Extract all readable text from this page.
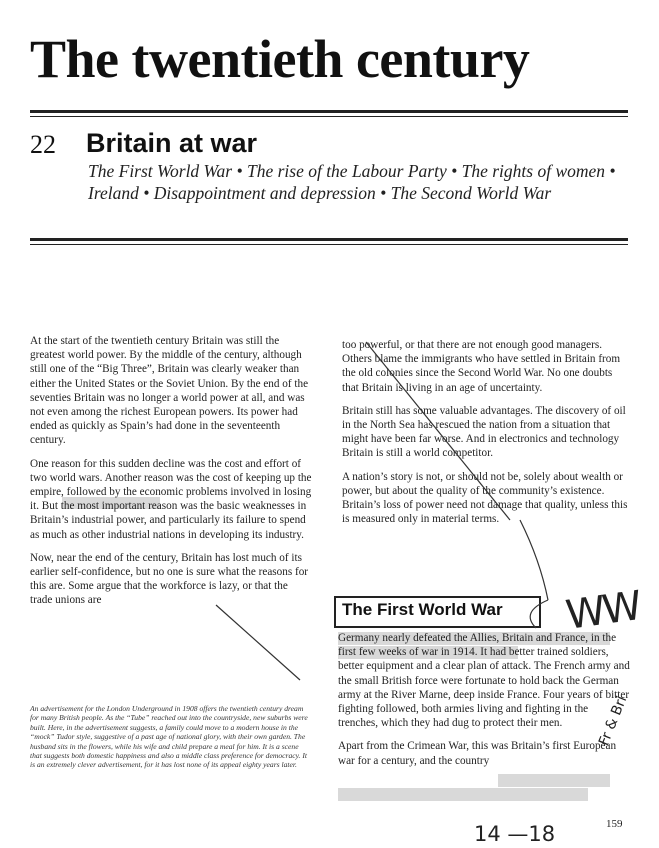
The twentieth century
22 Britain at war
The First World War • The rise of the Labour Party • The rights of women • Ireland • Disappointment and depression • The Second World War

At the start of the twentieth century Britain was still the greatest world power. By the middle of the century, although still one of the “Big Three”, Britain was clearly weaker than either the United States or the Soviet Union. By the end of the seventies Britain was no longer a world power at all, and was not even among the richest European powers. Its power had ended as quickly as Spain’s had done in the seventeenth century.

One reason for this sudden decline was the cost and effort of two world wars. Another reason was the cost of keeping up the empire, followed by the economic problems involved in losing it. But the most important reason was the basic weaknesses in Britain’s industrial power, and particularly its failure to spend as much as other industrial nations in developing its industry.

Now, near the end of the century, Britain has lost much of its earlier self-confidence, but no one is sure what the reasons for this are. Some argue that the workforce is lazy, or that the trade unions are

An advertisement for the London Underground in 1908 offers the twentieth century dream for many British people. As the “Tube” reached out into the countryside, new suburbs were built. Here, in the advertisement suggests, a family could move to a modern house in the “mock” Tudor style, suggestive of a past age of national glory, with their own garden. The husband sits in the flowers, while his wife and child prepare a meal for him. It is a scene that suggests both domestic happiness and also a middle class preference for democracy. It is an extremely clever advertisement, for it has lost none of its appeal eighty years later.

too powerful, or that there are not enough good managers. Others blame the immigrants who have settled in Britain from the old colonies since the Second World War. No one doubts that Britain is living in an age of uncertainty.

Britain still has some valuable advantages. The discovery of oil in the North Sea has rescued the nation from a situation that might have been far worse. And in electronics and technology Britain is still a world competitor.

A nation’s story is not, or should not be, solely about wealth or power, but about the quality of the community’s existence. Britain’s loss of power need not damage that quality, unless this is measured only in material terms.

The First World War

Germany nearly defeated the Allies, Britain and France, in the first few weeks of war in 1914. It had better trained soldiers, better equipment and a clear plan of attack. The French army and the small British force were fortunate to hold back the German army at the River Marne, deep inside France. Four years of bitter fighting followed, both armies living and fighting in the trenches, which they had dug to protect their men.

Apart from the Crimean War, this was Britain’s first European war for a century, and the country

159
WW
Fr & Bri
14 —18
